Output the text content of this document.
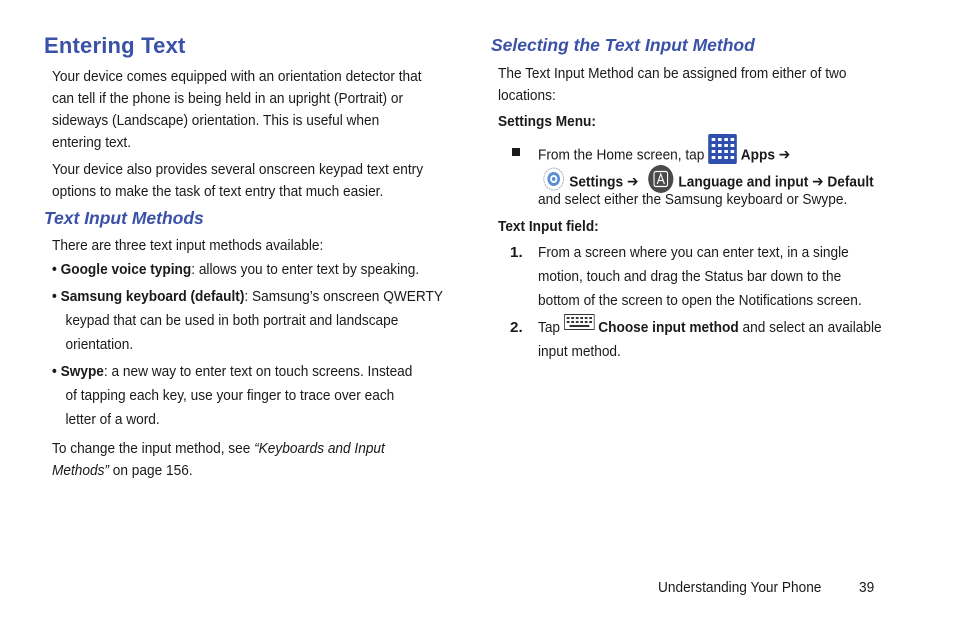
Entering Text
Your device comes equipped with an orientation detector that
can tell if the phone is being held in an upright (Portrait) or
sideways (Landscape) orientation. This is useful when
entering text.
Your device also provides several onscreen keypad text entry
options to make the task of text entry that much easier.
Text Input Methods
There are three text input methods available:
• Google voice typing: allows you to enter text by speaking.
• Samsung keyboard (default): Samsung’s onscreen QWERTY
keypad that can be used in both portrait and landscape
orientation.
• Swype: a new way to enter text on touch screens. Instead
of tapping each key, use your finger to trace over each
letter of a word.
To change the input method, see “Keyboards and Input
Methods” on page 156.
Selecting the Text Input Method
The Text Input Method can be assigned from either of two
locations:
Settings Menu:
From the Home screen, tap  Apps ➔
Settings ➔	Language and input ➔ Default
and select either the Samsung keyboard or Swype.
Text Input field:
1. From a screen where you can enter text, in a single
motion, touch and drag the Status bar down to the
bottom of the screen to open the Notifications screen.
2. Tap  Choose input method and select an available
input method.
Understanding Your Phone 39
